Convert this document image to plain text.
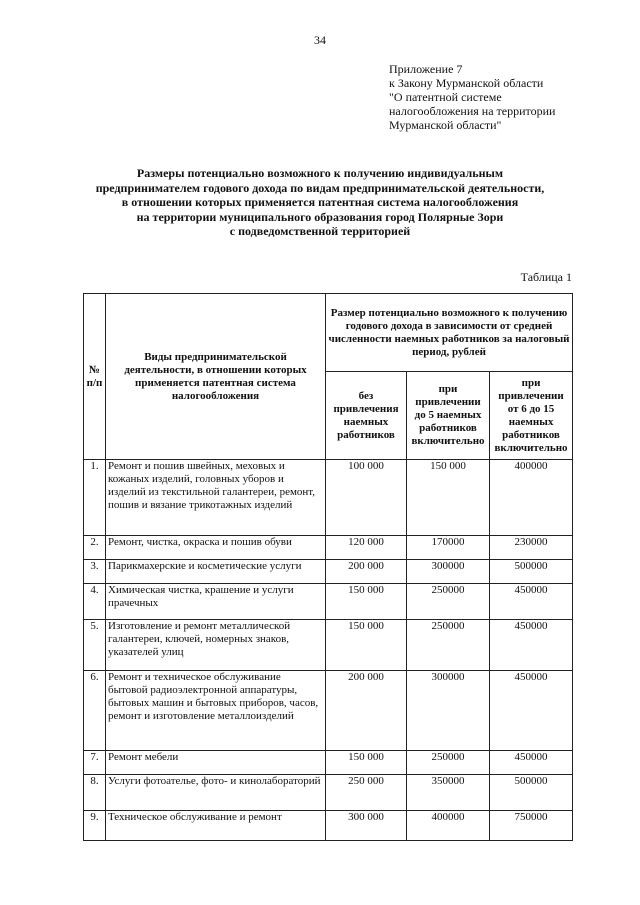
34
Приложение 7
к Закону Мурманской области
"О патентной системе
налогообложения на территории
Мурманской области"
Размеры потенциально возможного к получению индивидуальным
предпринимателем годового дохода по видам предпринимательской деятельности,
в отношении которых применяется патентная система налогообложения
на территории муниципального образования город Полярные Зори
с подведомственной территорией
Таблица 1
№ п/п	Виды предпринимательской деятельности, в отношении которых применяется патентная система налогообложения	Размер потенциально возможного к получению годового дохода в зависимости от средней численности наемных работников за налоговый период, рублей		
		без привлечения наемных работников	при привлечении до 5 наемных работников включительно	при привлечении от 6 до 15 наемных работников включительно
1.	Ремонт и пошив швейных, меховых и кожаных изделий, головных уборов и изделий из текстильной галантереи, ремонт, пошив и вязание трикотажных изделий	100 000	150 000	400000
2.	Ремонт, чистка, окраска и пошив обуви	120 000	170000	230000
3.	Парикмахерские и косметические услуги	200 000	300000	500000
4.	Химическая чистка, крашение и услуги прачечных	150 000	250000	450000
5.	Изготовление и ремонт металлической галантереи, ключей, номерных знаков, указателей улиц	150 000	250000	450000
6.	Ремонт и техническое обслуживание бытовой радиоэлектронной аппаратуры, бытовых машин и бытовых приборов, часов, ремонт и изготовление металлоизделий	200 000	300000	450000
7.	Ремонт мебели	150 000	250000	450000
8.	Услуги фотоателье, фото- и кинолабораторий	250 000	350000	500000
9.	Техническое обслуживание и ремонт	300 000	400000	750000
